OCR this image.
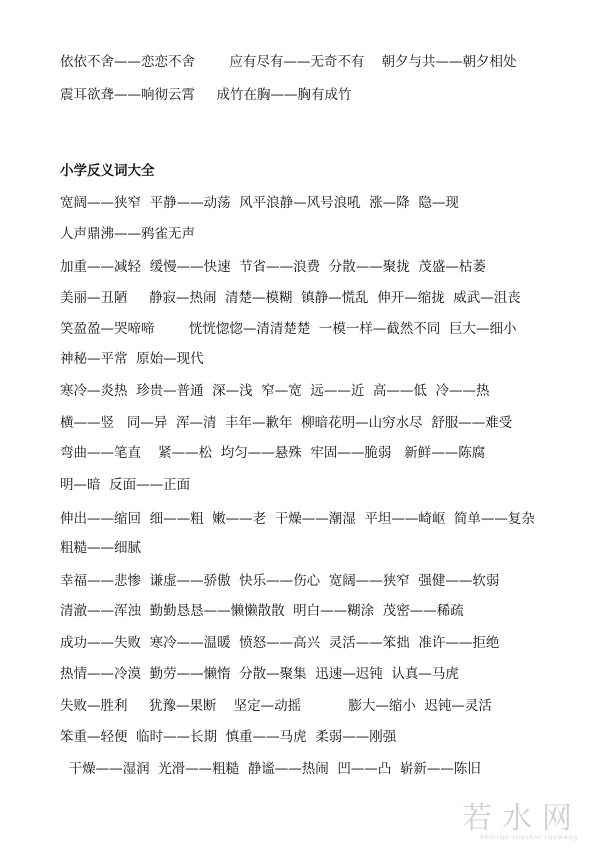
依依不舍——恋恋不舍        应有尽有——无奇不有    朝夕与共——朝夕相处
震耳欲聋——响彻云霄     成竹在胸——胸有成竹
小学反义词大全
宽阔——狭窄  平静——动荡  风平浪静—风号浪吼  涨—降  隐—现
人声鼎沸——鸦雀无声
加重——减轻  缓慢——快速  节省——浪费  分散——聚拢  茂盛—枯萎
美丽—丑陋     静寂—热闹  清楚—模糊  镇静—慌乱  伸开—缩拢  威武—沮丧
笑盈盈—哭啼啼        恍恍惚惚—清清楚楚  一模一样—截然不同  巨大—细小
神秘—平常  原始—现代
寒冷—炎热  珍贵—普通  深—浅  窄—宽  远——近  高——低  冷——热
横——竖   同—异  浑—清  丰年—歉年  柳暗花明—山穷水尽  舒服——难受
弯曲——笔直    紧——松  均匀——悬殊  牢固——脆弱   新鲜——陈腐
明—暗  反面——正面
伸出——缩回  细——粗  嫩——老  干燥——潮湿  平坦——崎岖  简单——复杂
粗糙——细腻
幸福——悲惨  谦虚——骄傲  快乐——伤心  宽阔——狭窄  强健——软弱
清澈——浑浊  勤勤恳恳——懒懒散散  明白——糊涂  茂密——稀疏
成功——失败  寒冷——温暖  愤怒——高兴  灵活——笨拙  准许——拒绝
热情——冷漠  勤劳——懒惰  分散—聚集  迅速—迟钝  认真—马虎
失败—胜利     犹豫—果断    坚定—动摇           膨大—缩小  迟钝—灵活
笨重—轻便  临时——长期  慎重——马虎  柔弱——刚强
干燥——湿润  光滑——粗糙  静谧——热闹  凹——凸  崭新——陈旧
若水网
Shuiruo ruoshui ruowang
